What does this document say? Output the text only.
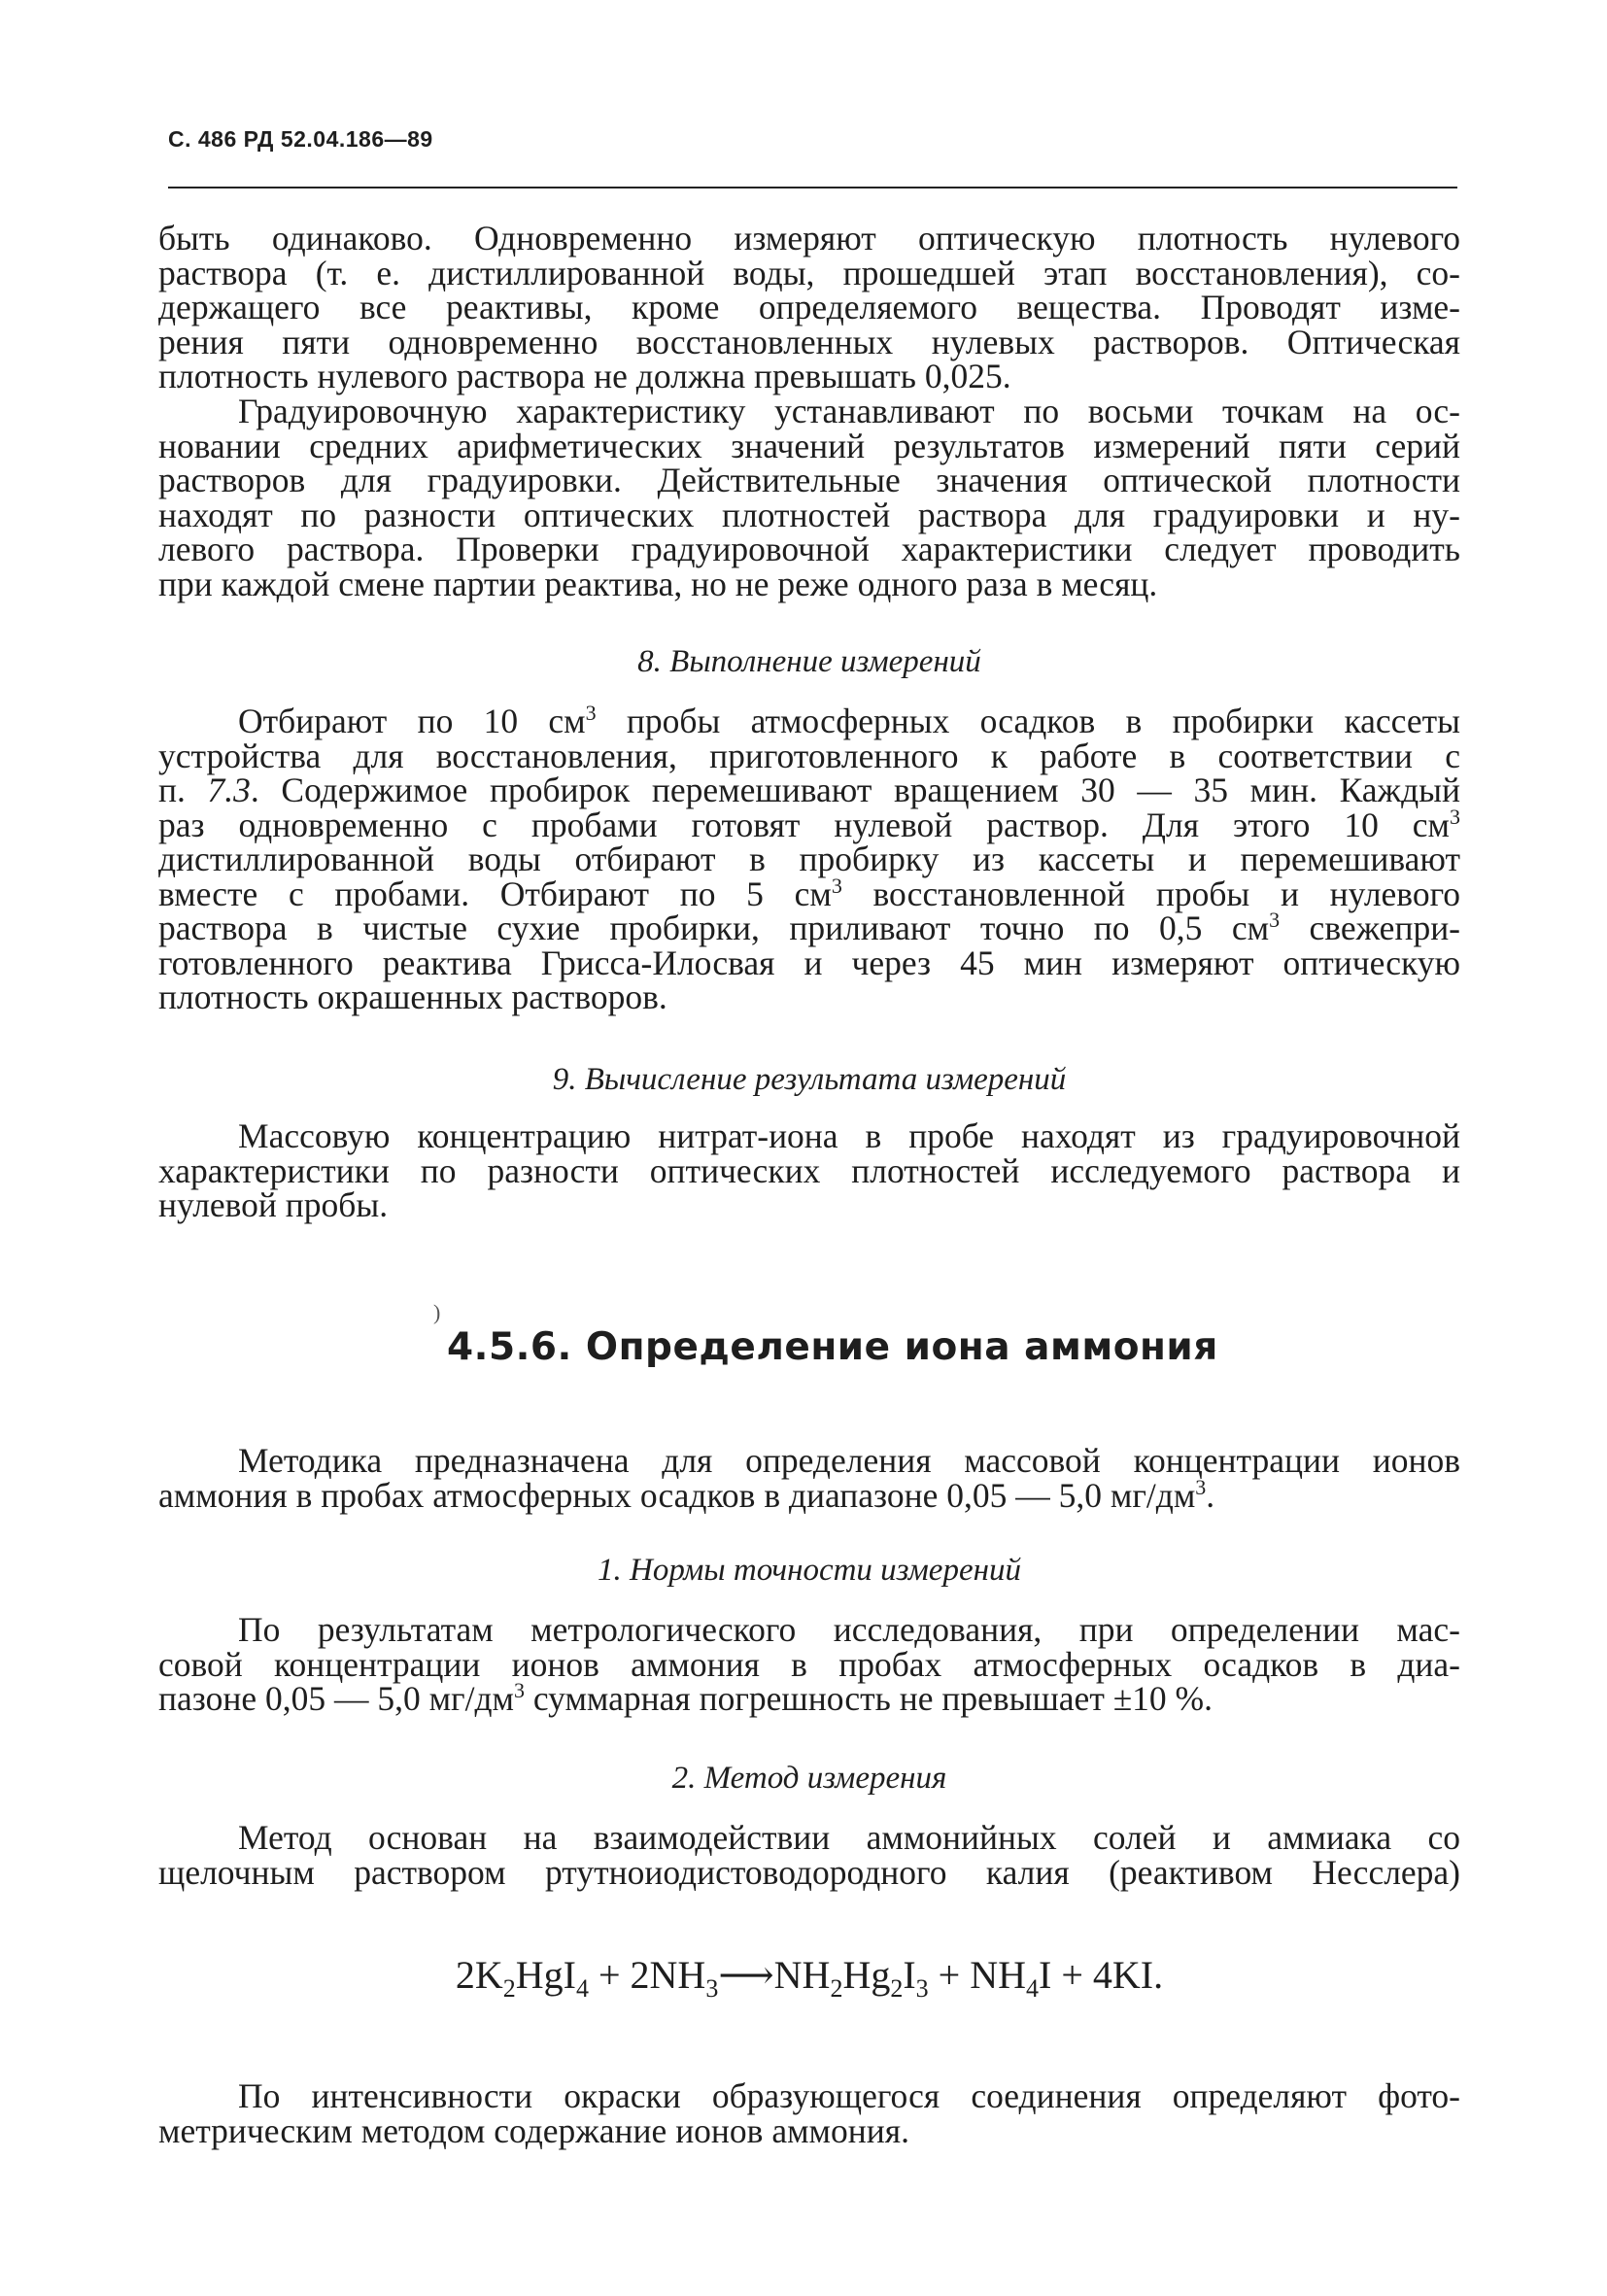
С. 486 РД 52.04.186—89
быть одинаково. Одновременно измеряют оптическую плотность нулевого
раствора (т. е. дистиллированной воды, прошедшей этап восстановления), со-
держащего все реактивы, кроме определяемого вещества. Проводят изме-
рения пяти одновременно восстановленных нулевых растворов. Оптическая
плотность нулевого раствора не должна превышать 0,025.
Градуировочную характеристику устанавливают по восьми точкам на ос-
новании средних арифметических значений результатов измерений пяти серий
растворов для градуировки. Действительные значения оптической плотности
находят по разности оптических плотностей раствора для градуировки и ну-
левого раствора. Проверки градуировочной характеристики следует проводить
при каждой смене партии реактива, но не реже одного раза в месяц.
8. Выполнение измерений
Отбирают по 10 $см^3$ пробы атмосферных осадков в пробирки кассеты
устройства для восстановления, приготовленного к работе в соответствии с
п. 7.3. Содержимое пробирок перемешивают вращением 30 — 35 мин. Каждый
раз одновременно с пробами готовят нулевой раствор. Для этого 10 $см^3$
дистиллированной воды отбирают в пробирку из кассеты и перемешивают
вместе с пробами. Отбирают по 5 $см^3$ восстановленной пробы и нулевого
раствора в чистые сухие пробирки, приливают точно по 0,5 $см^3$ свежепри-
готовленного реактива Грисса-Илосвая и через 45 мин измеряют оптическую
плотность окрашенных растворов.
9. Вычисление результата измерений
Массовую концентрацию нитрат-иона в пробе находят из градуировочной
характеристики по разности оптических плотностей исследуемого раствора и
нулевой пробы.
)
4.5.6. Определение иона аммония
Методика предназначена для определения массовой концентрации ионов
аммония в пробах атмосферных осадков в диапазоне 0,05 — 5,0 $мг/дм^3$.
1. Нормы точности измерений
По результатам метрологического исследования, при определении мас-
совой концентрации ионов аммония в пробах атмосферных осадков в диа-
пазоне 0,05 — 5,0 $мг/дм^3$ суммарная погрешность не превышает ±10 %.
2. Метод измерения
Метод основан на взаимодействии аммонийных солей и аммиака со
щелочным раствором ртутноиодистоводородного калия (реактивом Несслера)
$2K_2HgI_4$ + $2NH_3⟶NH_2Hg_2I_3 + NH_4I + 4KI$.
По интенсивности окраски образующегося соединения определяют фото-
метрическим методом содержание ионов аммония.
